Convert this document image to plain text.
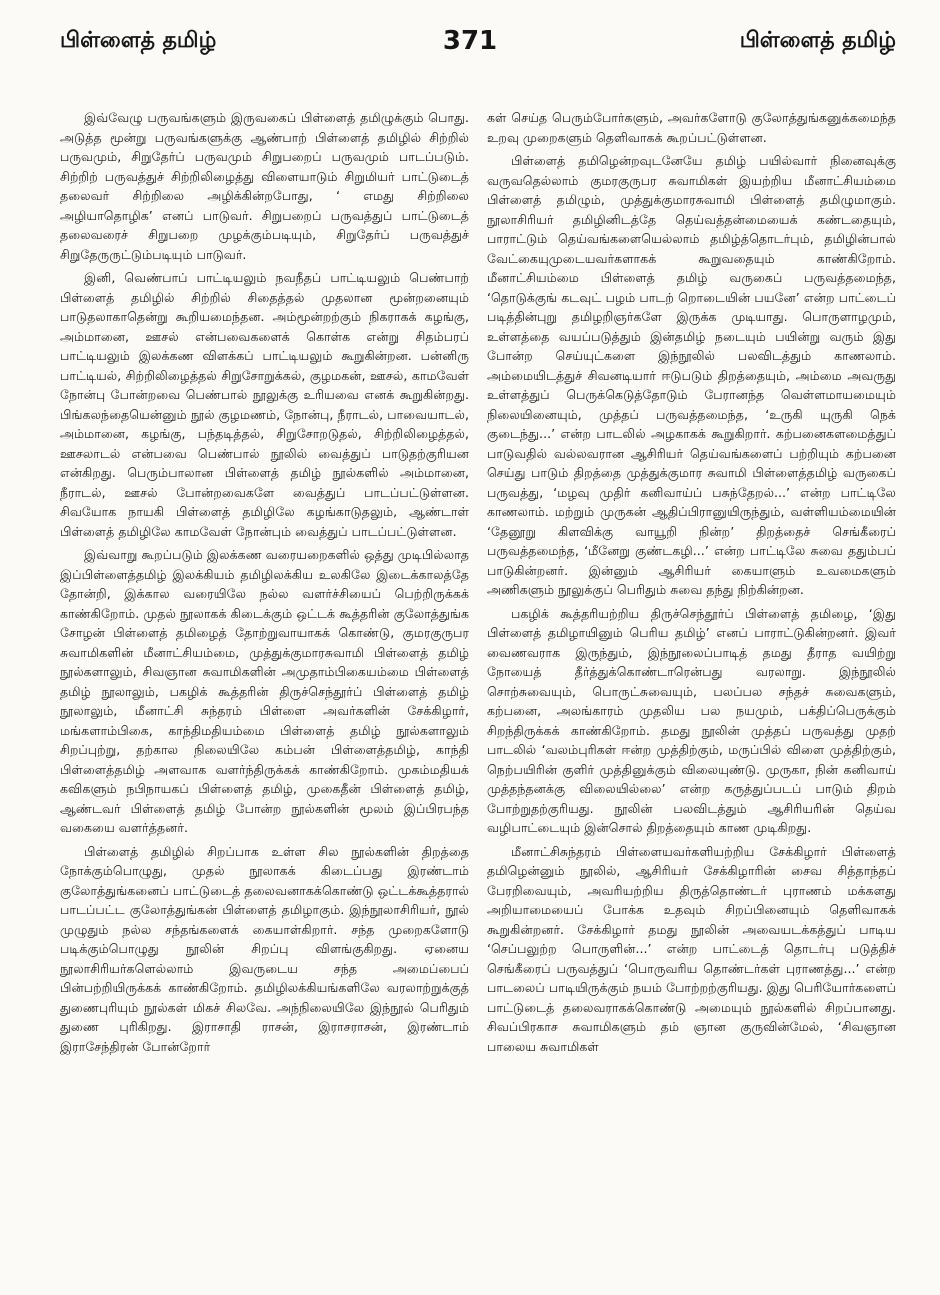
பிள்ளைத் தமிழ்	பிள்ளைத் தமிழ்
371

இவ்வேழு பருவங்களும் இருவகைப் பிள்ளைத் தமிழுக்கும் பொது. அடுத்த மூன்று பருவங்களுக்கு ஆண்பாற் பிள்ளைத் தமிழில் சிற்றில் பருவமும், சிறுதேர்ப் பருவமும் சிறுபறைப் பருவமும் பாடப்படும். சிற்றிற் பருவத்துச் சிற்றிலிழைத்து விளையாடும் சிறுமியர் பாட்டுடைத் தலைவர் சிற்றிலை அழிக்கின்றபோது, ‘ எமது சிற்றிலை அழியாதொழிக’ எனப் பாடுவர். சிறுபறைப் பருவத்துப் பாட்டுடைத் தலைவரைச் சிறுபறை முழக்கும்படியும், சிறுதேர்ப் பருவத்துச் சிறுதேருருட்டும்படியும் பாடுவர்.

இனி, வெண்பாப் பாட்டியலும் நவநீதப் பாட்டியலும் பெண்பாற் பிள்ளைத் தமிழில் சிற்றில் சிதைத்தல் முதலான மூன்றனையும் பாடுதலாகாதென்று கூறியமைந்தன. அம்மூன்றற்கும் நிகராகக் கழங்கு, அம்மானை, ஊசல் என்பவைகளைக் கொள்க என்று சிதம்பரப் பாட்டியலும் இலக்கண விளக்கப் பாட்டியலும் கூறுகின்றன. பன்னிரு பாட்டியல், சிற்றிலிழைத்தல் சிறுசோறுக்கல், குழமகன், ஊசல், காமவேள் நோன்பு போன்றவை பெண்பால் நூலுக்கு உரியவை எனக் கூறுகின்றது. பிங்கலந்தையென்னும் நூல் குழமணம், நோன்பு, நீராடல், பாவையாடல், அம்மானை, கழங்கு, பந்தடித்தல், சிறுசோறடுதல், சிற்றிலிழைத்தல், ஊசலாடல் என்பவை பெண்பால் நூலில் வைத்துப் பாடுதற்குரியன என்கிறது. பெரும்பாலான பிள்ளைத் தமிழ் நூல்களில் அம்மானை, நீராடல், ஊசல் போன்றவைகளே வைத்துப் பாடப்பட்டுள்ளன. சிவயோக நாயகி பிள்ளைத் தமிழிலே கழங்காடுதலும், ஆண்டாள் பிள்ளைத் தமிழிலே காமவேள் நோன்பும் வைத்துப் பாடப்பட்டுள்ளன.

இவ்வாறு கூறப்படும் இலக்கண வரையறைகளில் ஒத்து முடிபில்லாத இப்பிள்ளைத்தமிழ் இலக்கியம் தமிழிலக்கிய உலகிலே இடைக்காலத்தே தோன்றி, இக்கால வரையிலே நல்ல வளர்ச்சியைப் பெற்றிருக்கக் காண்கிறோம். முதல் நூலாகக் கிடைக்கும் ஒட்டக் கூத்தரின் குலோத்துங்க சோழன் பிள்ளைத் தமிழைத் தோற்றுவாயாகக் கொண்டு, குமரகுருபர சுவாமிகளின் மீனாட்சியம்மை, முத்துக்குமாரசுவாமி பிள்ளைத் தமிழ் நூல்களாலும், சிவஞான சுவாமிகளின் அமுதாம்பிகையம்மை பிள்ளைத் தமிழ் நூலாலும், பகழிக் கூத்தரின் திருச்செந்தூர்ப் பிள்ளைத் தமிழ் நூலாலும், மீனாட்சி சுந்தரம் பிள்ளை அவர்களின் சேக்கிழார், மங்களாம்பிகை, காந்திமதியம்மை பிள்ளைத் தமிழ் நூல்களாலும் சிறப்புற்று, தற்கால நிலையிலே கம்பன் பிள்ளைத்தமிழ், காந்தி பிள்ளைத்தமிழ் அளவாக வளர்ந்திருக்கக் காண்கிறோம். முகம்மதியக் கவிகளும் நபிநாயகப் பிள்ளைத் தமிழ், முகைதீன் பிள்ளைத் தமிழ், ஆண்டவர் பிள்ளைத் தமிழ் போன்ற நூல்களின் மூலம் இப்பிரபந்த வகையை வளர்த்தனர்.

பிள்ளைத் தமிழில் சிறப்பாக உள்ள சில நூல்களின் திறத்தை நோக்கும்பொழுது, முதல் நூலாகக் கிடைப்பது இரண்டாம் குலோத்துங்கனைப் பாட்டுடைத் தலைவனாகக்கொண்டு ஒட்டக்கூத்தரால் பாடப்பட்ட குலோத்துங்கன் பிள்ளைத் தமிழாகும். இந்நூலாசிரியர், நூல் முழுதும் நல்ல சந்தங்களைக் கையாள்கிறார். சந்த முறைகளோடு படிக்கும்பொழுது நூலின் சிறப்பு விளங்குகிறது. ஏனைய நூலாசிரியர்களெல்லாம் இவருடைய சந்த அமைப்பைப் பின்பற்றியிருக்கக் காண்கிறோம். தமிழிலக்கியங்களிலே வரலாற்றுக்குத் துணைபுரியும் நூல்கள் மிகச் சிலவே. அந்நிலையிலே இந்நூல் பெரிதும் துணை புரிகிறது. இராசாதி ராசன், இராசராசன், இரண்டாம் இராசேந்திரன் போன்றோர்

கள் செய்த பெரும்போர்களும், அவர்களோடு குலோத்துங்கனுக்கமைந்த உறவு முறைகளும் தெளிவாகக் கூறப்பட்டுள்ளன.

பிள்ளைத் தமிழென்றவுடனேயே தமிழ் பயில்வார் நினைவுக்கு வருவதெல்லாம் குமரகுருபர சுவாமிகள் இயற்றிய மீனாட்சியம்மை பிள்ளைத் தமிழும், முத்துக்குமாரசுவாமி பிள்ளைத் தமிழுமாகும். நூலாசிரியர் தமிழினிடத்தே தெய்வத்தன்மையைக் கண்டதையும், பாராட்டும் தெய்வங்களையெல்லாம் தமிழ்த்தொடர்பும், தமிழின்பால் வேட்கையுமுடையவர்களாகக் கூறுவதையும் காண்கிறோம். மீனாட்சியம்மை பிள்ளைத் தமிழ் வருகைப் பருவத்தமைந்த, ‘தொடுக்குங் கடவுட் பழம் பாடற் றொடையின் பயனே’ என்ற பாட்டைப் படித்தின்புறு தமிழறிஞர்களே இருக்க முடியாது. பொருளாழமும், உள்ளத்தை வயப்படுத்தும் இன்தமிழ் நடையும் பயின்று வரும் இது போன்ற செய்யுட்களை இந்நூலில் பலவிடத்தும் காணலாம். அம்மையிடத்துச் சிவனடியார் ஈடுபடும் திறத்தையும், அம்மை அவருது உள்ளத்துப் பெருக்கெடுத்தோடும் பேரானந்த வெள்ளமாயமையும் நிலையினையும், முத்தப் பருவத்தமைந்த, ‘உருகி யுருகி நெக் குடைந்து...’ என்ற பாடலில் அழகாகக் கூறுகிறார். கற்பனைகளமைத்துப் பாடுவதில் வல்லவரான ஆசிரியர் தெய்வங்களைப் பற்றியும் கற்பனை செய்து பாடும் திறத்தை முத்துக்குமார சுவாமி பிள்ளைத்தமிழ் வருகைப் பருவத்து, ‘மழவு முதிர் கனிவாய்ப் பசுந்தேறல்...’ என்ற பாட்டிலே காணலாம். மற்றும் முருகன் ஆதிப்பிரானுயிருந்தும், வள்ளியம்மையின் ‘தேனூறு கிளவிக்கு வாயூறி நின்ற’ திறத்தைச் செங்கீரைப் பருவத்தமைந்த, ‘மீனேறு குண்டகழி...’ என்ற பாட்டிலே சுவை ததும்பப் பாடுகின்றனர். இன்னும் ஆசிரியர் கையாளும் உவமைகளும் அணிகளும் நூலுக்குப் பெரிதும் சுவை தந்து நிற்கின்றன.

பகழிக் கூத்தரியற்றிய திருச்செந்தூர்ப் பிள்ளைத் தமிழை, ‘இது பிள்ளைத் தமிழாயினும் பெரிய தமிழ்’ எனப் பாராட்டுகின்றனர். இவர் வைணவராக இருந்தும், இந்நூலைப்பாடித் தமது தீராத வயிற்று நோயைத் தீர்த்துக்கொண்டாரென்பது வரலாறு. இந்நூலில் சொற்சுவையும், பொருட்சுவையும், பலப்பல சந்தச் சுவைகளும், கற்பனை, அலங்காரம் முதலிய பல நயமும், பக்திப்பெருக்கும் சிறந்திருக்கக் காண்கிறோம். தமது நூலின் முத்தப் பருவத்து முதற் பாடலில் ‘வலம்புரிகள் ஈன்ற முத்திற்கும், மருப்பில் விளை முத்திற்கும், நெற்பயிரின் குளிர் முத்தினுக்கும் விலையுண்டு. முருகா, நின் கனிவாய் முத்தந்தனக்கு விலையில்லை’ என்ற கருத்துப்படப் பாடும் திறம் போற்றுதற்குரியது. நூலின் பலவிடத்தும் ஆசிரியரின் தெய்வ வழிபாட்டையும் இன்சொல் திறத்தையும் காண முடிகிறது.

மீனாட்சிசுந்தரம் பிள்ளையவர்களியற்றிய சேக்கிழார் பிள்ளைத் தமிழென்னும் நூலில், ஆசிரியர் சேக்கிழாரின் சைவ சித்தாந்தப் பேரறிவையும், அவரியற்றிய திருத்தொண்டர் புராணம் மக்களது அறியாமையைப் போக்க உதவும் சிறப்பினையும் தெளிவாகக் கூறுகின்றனர். சேக்கிழார் தமது நூலின் அவையடக்கத்துப் பாடிய ‘செப்பலுற்ற பொருளின்...’ என்ற பாட்டைத் தொடர்பு படுத்திச் செங்கீரைப் பருவத்துப் ‘பொருவரிய தொண்டர்கள் புராணத்து...’ என்ற பாடலைப் பாடியிருக்கும் நயம் போற்றற்குரியது. இது பெரியோர்களைப் பாட்டுடைத் தலைவராகக்கொண்டு அமையும் நூல்களில் சிறப்பானது. சிவப்பிரகாச சுவாமிகளும் தம் ஞான குருவின்மேல், ‘சிவஞான பாலைய சுவாமிகள்
